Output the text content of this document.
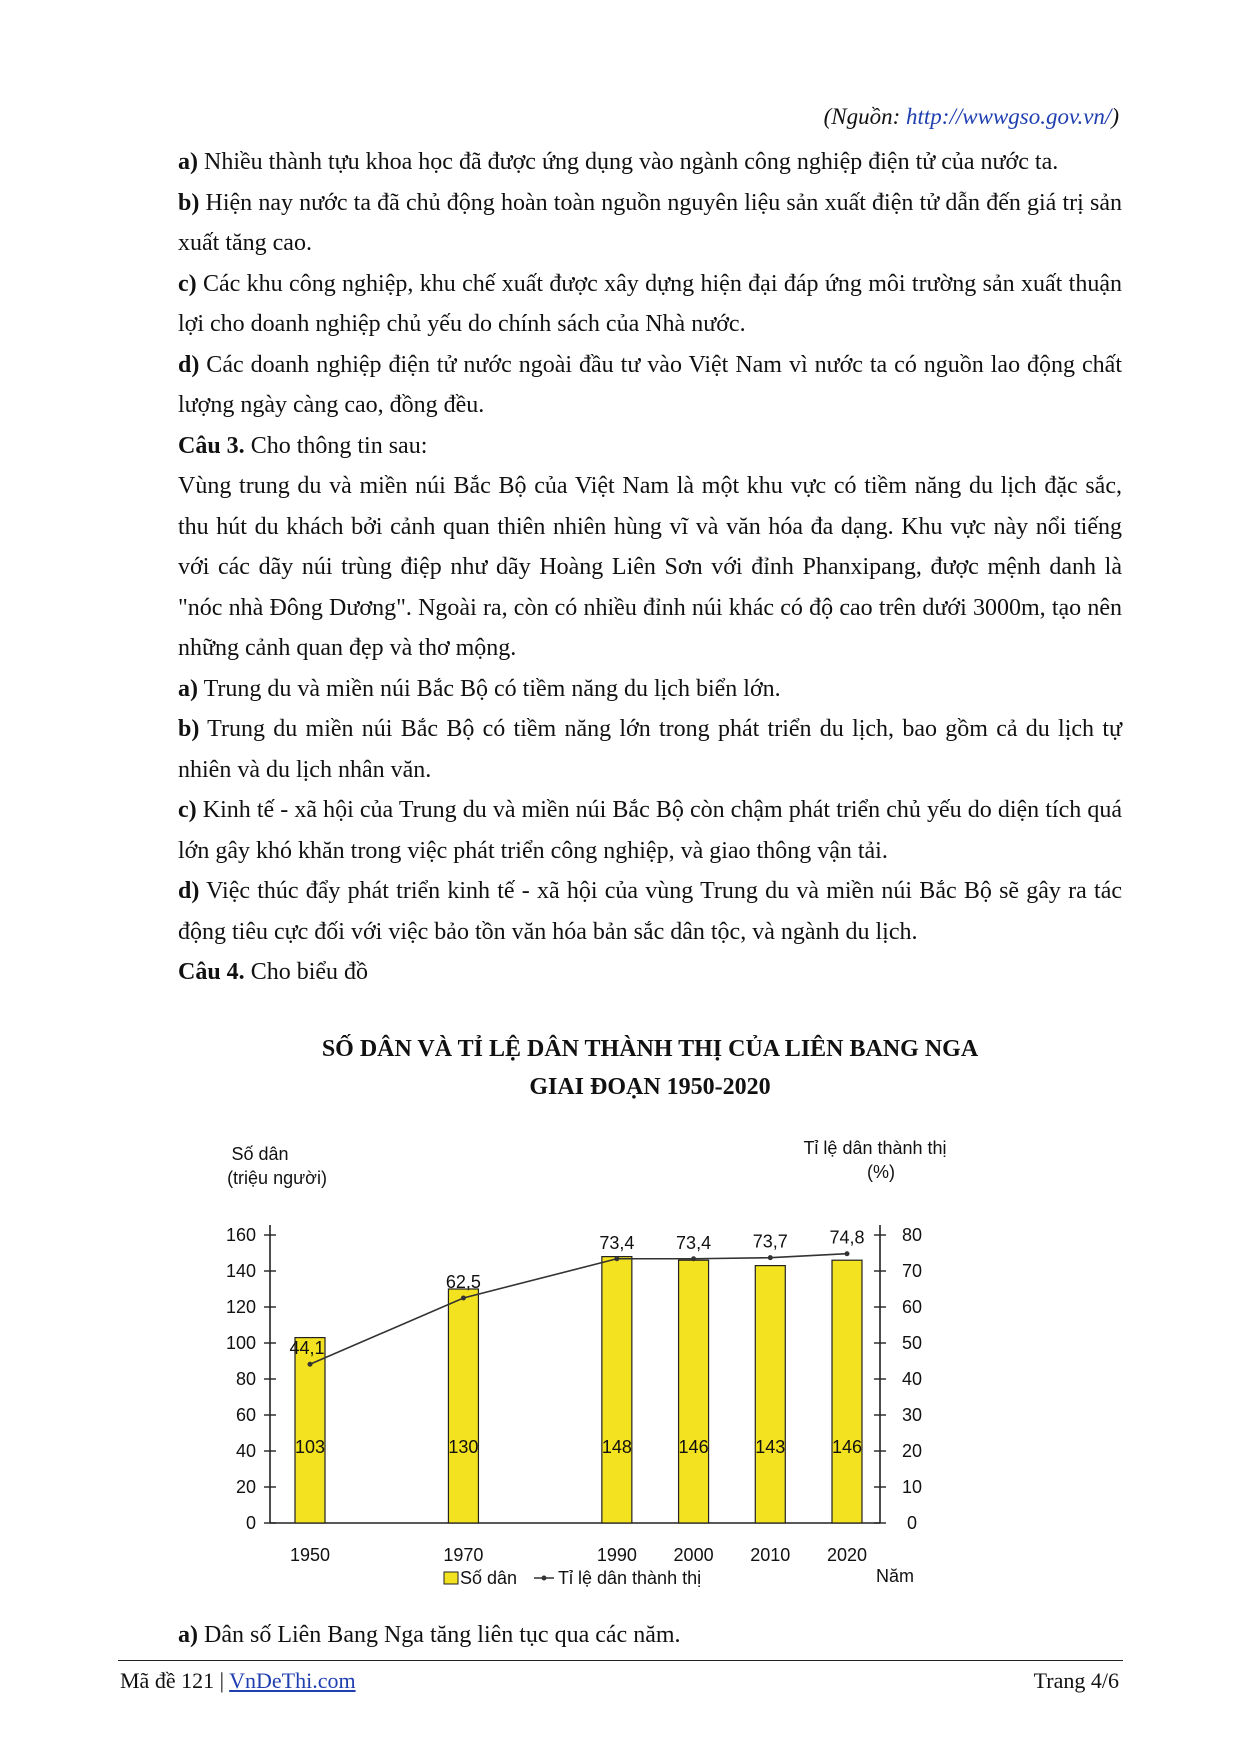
(Nguồn: http://wwwgso.gov.vn/)

a) Nhiều thành tựu khoa học đã được ứng dụng vào ngành công nghiệp điện tử của nước ta.

b) Hiện nay nước ta đã chủ động hoàn toàn nguồn nguyên liệu sản xuất điện tử dẫn đến giá trị sản xuất tăng cao.

c) Các khu công nghiệp, khu chế xuất được xây dựng hiện đại đáp ứng môi trường sản xuất thuận lợi cho doanh nghiệp chủ yếu do chính sách của Nhà nước.

d) Các doanh nghiệp điện tử nước ngoài đầu tư vào Việt Nam vì nước ta có nguồn lao động chất lượng ngày càng cao, đồng đều.

Câu 3. Cho thông tin sau:

Vùng trung du và miền núi Bắc Bộ của Việt Nam là một khu vực có tiềm năng du lịch đặc sắc, thu hút du khách bởi cảnh quan thiên nhiên hùng vĩ và văn hóa đa dạng. Khu vực này nổi tiếng với các dãy núi trùng điệp như dãy Hoàng Liên Sơn với đỉnh Phanxipang, được mệnh danh là "nóc nhà Đông Dương". Ngoài ra, còn có nhiều đỉnh núi khác có độ cao trên dưới 3000m, tạo nên những cảnh quan đẹp và thơ mộng.

a) Trung du và miền núi Bắc Bộ có tiềm năng du lịch biển lớn.

b) Trung du miền núi Bắc Bộ có tiềm năng lớn trong phát triển du lịch, bao gồm cả du lịch tự nhiên và du lịch nhân văn.

c) Kinh tế - xã hội của Trung du và miền núi Bắc Bộ còn chậm phát triển chủ yếu do diện tích quá lớn gây khó khăn trong việc phát triển công nghiệp, và giao thông vận tải.

d) Việc thúc đẩy phát triển kinh tế - xã hội của vùng Trung du và miền núi Bắc Bộ sẽ gây ra tác động tiêu cực đối với việc bảo tồn văn hóa bản sắc dân tộc, và ngành du lịch.

Câu 4. Cho biểu đồ

SỐ DÂN VÀ TỈ LỆ DÂN THÀNH THỊ CỦA LIÊN BANG NGA
GIAI ĐOẠN 1950-2020
0
20
40
60
80
100
120
140
160
0
10
20
30
40
50
60
70
80
Số dân
(triệu người)
Tỉ lệ dân thành thị
(%)
Năm
103
1950
130
1970
148
1990
146
2000
143
2010
146
2020
44,1
62,5
73,4 73,4 73,7 74,8
Số dân Tỉ lệ dân thành thị

a) Dân số Liên Bang Nga tăng liên tục qua các năm.

Mã đề 121 | VnDeThi.com	Trang 4/6
